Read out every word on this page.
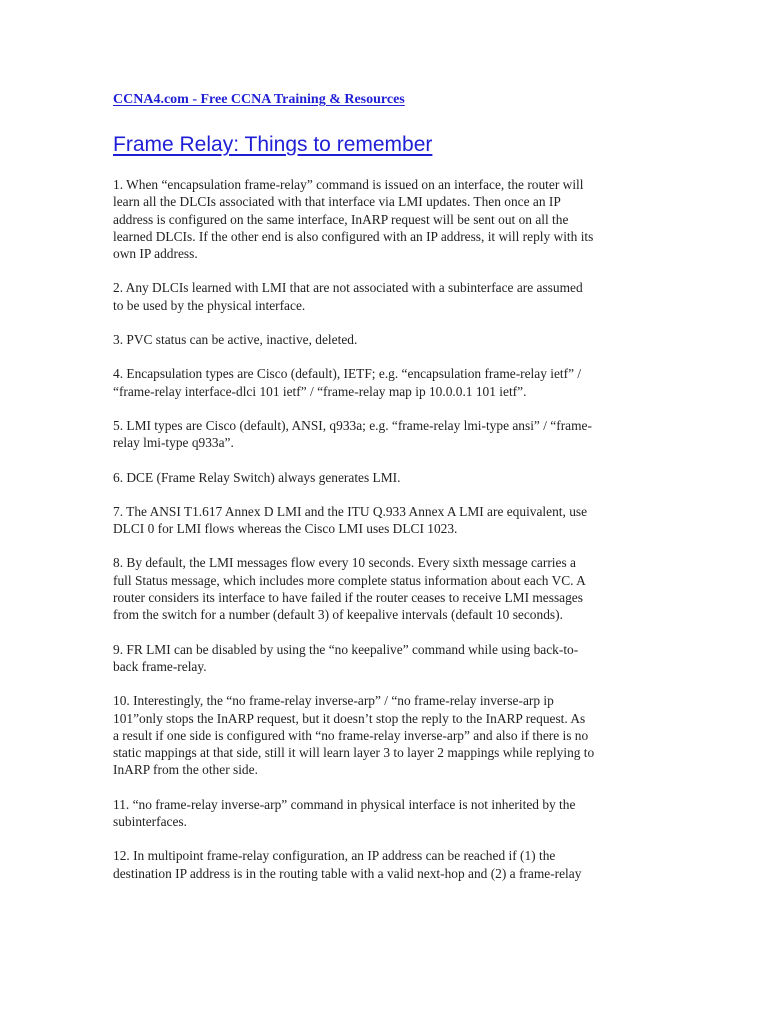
CCNA4.com - Free CCNA Training & Resources
Frame Relay: Things to remember

1. When “encapsulation frame-relay” command is issued on an interface, the router will
learn all the DLCIs associated with that interface via LMI updates. Then once an IP
address is configured on the same interface, InARP request will be sent out on all the
learned DLCIs. If the other end is also configured with an IP address, it will reply with its
own IP address.

2. Any DLCIs learned with LMI that are not associated with a subinterface are assumed
to be used by the physical interface.

3. PVC status can be active, inactive, deleted.

4. Encapsulation types are Cisco (default), IETF; e.g. “encapsulation frame-relay ietf” /
“frame-relay interface-dlci 101 ietf” / “frame-relay map ip 10.0.0.1 101 ietf”.

5. LMI types are Cisco (default), ANSI, q933a; e.g. “frame-relay lmi-type ansi” / “frame-
relay lmi-type q933a”.

6. DCE (Frame Relay Switch) always generates LMI.

7. The ANSI T1.617 Annex D LMI and the ITU Q.933 Annex A LMI are equivalent, use
DLCI 0 for LMI flows whereas the Cisco LMI uses DLCI 1023.

8. By default, the LMI messages flow every 10 seconds. Every sixth message carries a
full Status message, which includes more complete status information about each VC. A
router considers its interface to have failed if the router ceases to receive LMI messages
from the switch for a number (default 3) of keepalive intervals (default 10 seconds).

9. FR LMI can be disabled by using the “no keepalive” command while using back-to-
back frame-relay.

10. Interestingly, the “no frame-relay inverse-arp” / “no frame-relay inverse-arp ip
101”only stops the InARP request, but it doesn’t stop the reply to the InARP request. As
a result if one side is configured with “no frame-relay inverse-arp” and also if there is no
static mappings at that side, still it will learn layer 3 to layer 2 mappings while replying to
InARP from the other side.

11. “no frame-relay inverse-arp” command in physical interface is not inherited by the
subinterfaces.

12. In multipoint frame-relay configuration, an IP address can be reached if (1) the
destination IP address is in the routing table with a valid next-hop and (2) a frame-relay
